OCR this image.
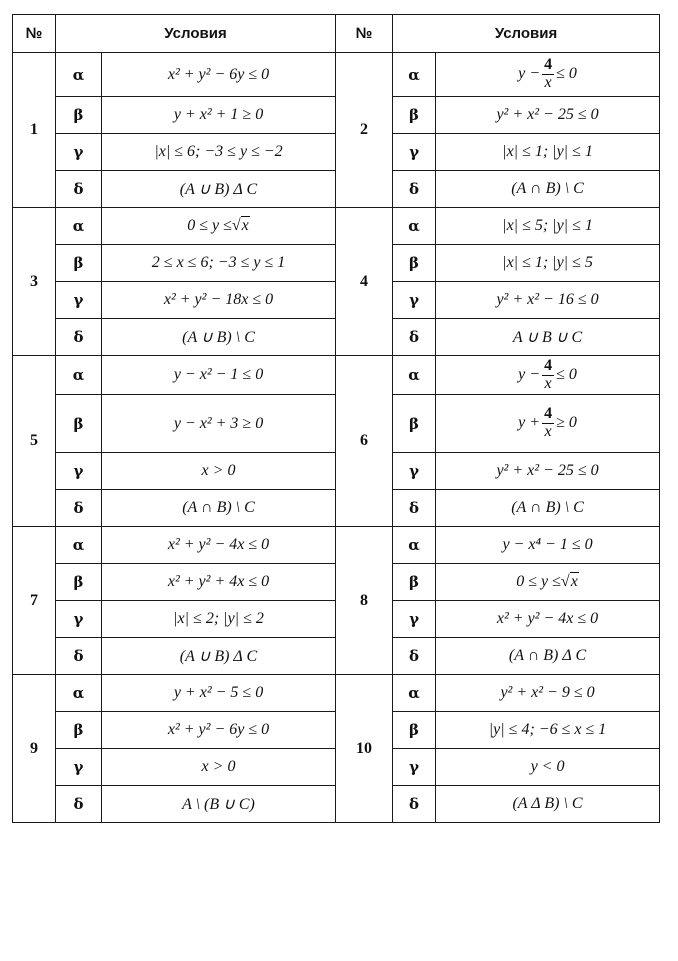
№	Условия		№	Условия	
1	α	x² + y² − 6y ≤ 0	2	α	$y - \frac{4}{x} \le 0$
	β	y + x² + 1 ≥ 0		β	y² + x² − 25 ≤ 0
	γ	|x| ≤ 6; −3 ≤ y ≤ −2		γ	|x| ≤ 1; |y| ≤ 1
	δ	(A ∪ B) Δ C		δ	(A ∩ B) \ C
3	α	0 ≤ y ≤√x	4	α	|x| ≤ 5; |y| ≤ 1
	β	2 ≤ x ≤ 6; −3 ≤ y ≤ 1		β	|x| ≤ 1; |y| ≤ 5
	γ	x² + y² − 18x ≤ 0		γ	y² + x² − 16 ≤ 0
	δ	(A ∪ B) \ C		δ	A ∪ B ∪ C
5	α	y − x² − 1 ≤ 0	6	α	$y - \frac{4}{x} \le 0$
	β	y − x² + 3 ≥ 0		β	$y + \frac{4}{x} \ge 0$
	γ	x > 0		γ	y² + x² − 25 ≤ 0
	δ	(A ∩ B) \ C		δ	(A ∩ B) \ C
7	α	x² + y² − 4x ≤ 0	8	α	y − x⁴ − 1 ≤ 0
	β	x² + y² + 4x ≤ 0		β	0 ≤ y ≤√x
	γ	|x| ≤ 2; |y| ≤ 2		γ	x² + y² − 4x ≤ 0
	δ	(A ∪ B) Δ C		δ	(A ∩ B) Δ C
9	α	y + x² − 5 ≤ 0	10	α	y² + x² − 9 ≤ 0
	β	x² + y² − 6y ≤ 0		β	|y| ≤ 4; −6 ≤ x ≤ 1
	γ	x > 0		γ	y < 0
	δ	A \ (B ∪ C)		δ	(A Δ B) \ C
